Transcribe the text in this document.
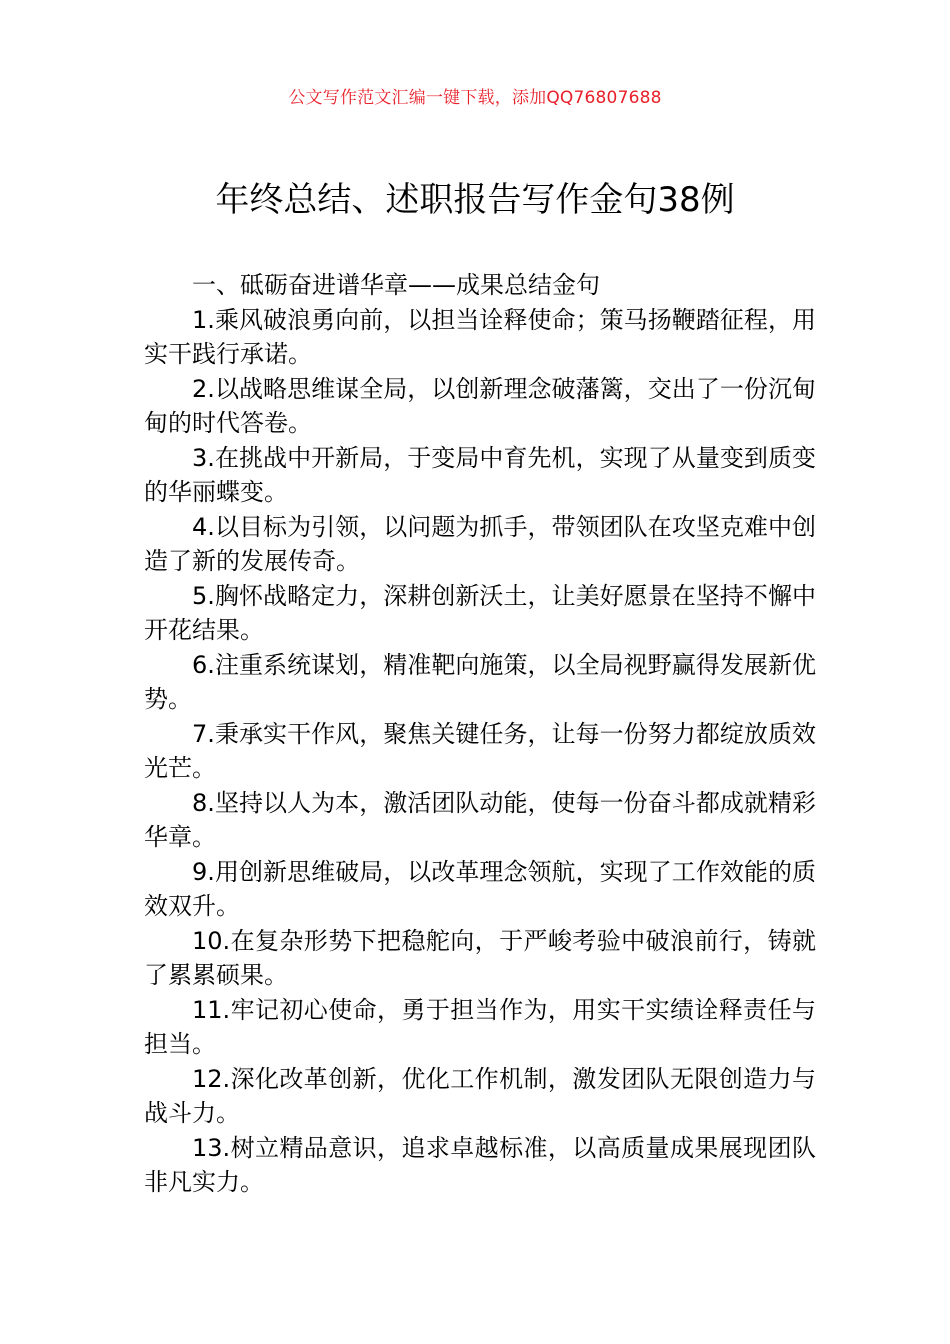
公文写作范文汇编一键下载，添加QQ76807688
年终总结、述职报告写作金句38例

一、砥砺奋进谱华章——成果总结金句

1.乘风破浪勇向前，以担当诠释使命；策马扬鞭踏征程，用实干践行承诺。

2.以战略思维谋全局，以创新理念破藩篱，交出了一份沉甸甸的时代答卷。

3.在挑战中开新局，于变局中育先机，实现了从量变到质变的华丽蝶变。

4.以目标为引领，以问题为抓手，带领团队在攻坚克难中创造了新的发展传奇。

5.胸怀战略定力，深耕创新沃土，让美好愿景在坚持不懈中开花结果。

6.注重系统谋划，精准靶向施策，以全局视野赢得发展新优势。

7.秉承实干作风，聚焦关键任务，让每一份努力都绽放质效光芒。

8.坚持以人为本，激活团队动能，使每一份奋斗都成就精彩华章。

9.用创新思维破局，以改革理念领航，实现了工作效能的质效双升。

10.在复杂形势下把稳舵向，于严峻考验中破浪前行，铸就了累累硕果。

11.牢记初心使命，勇于担当作为，用实干实绩诠释责任与担当。

12.深化改革创新，优化工作机制，激发团队无限创造力与战斗力。

13.树立精品意识，追求卓越标准，以高质量成果展现团队非凡实力。
